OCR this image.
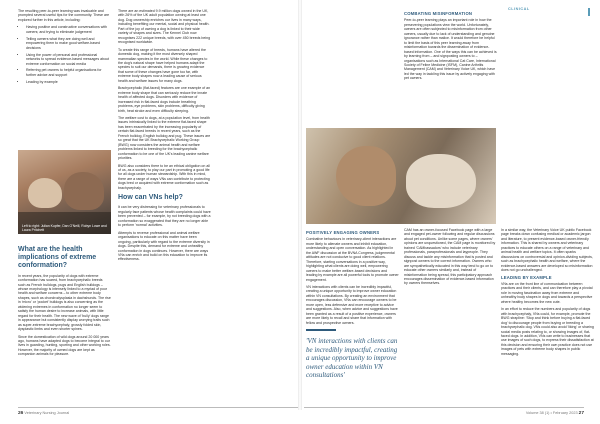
CLINICAL

The resulting peer-to-peer learning was invaluable and prompted several useful tips for the community. These are explored further in this article, including:

• Having positive and constructive conversations with owners; and trying to eliminate judgement
• Telling owners what they are doing well and empowering them to make good welfare-based decisions
• Using the power of personal and professional networks to spread evidence-based messages about extreme conformation on social media
• Referring pet owners to helpful organisations for further advice and support
• Leading by example
Left to right: Julian Kupfer, Dan O'Neill, Robyn Lowe and Laura Pritchett
What are the health implications of extreme conformation?

In recent years, the popularity of dogs with extreme conformation has soared, from brachycephalic breeds such as French bulldogs, pugs and English bulldogs – whose morphology is intensely linked to a myriad of poor health and welfare concerns – to other extreme body shapes, such as chondrodysplasia in dachshunds. The rise in 'micro' or 'pocket' bulldogs is also concerning as the widening extremes in conformation no longer seem to satisfy the human desire to increase animals, with little regard for their health. The new wave of 'bully' dogs range in appearance but consistently display worrying traits such as super-extreme brachycephaly, grossly folded skin, dysplastic limbs and even shorter spines.

Since the domestication of wild dogs around 20 000 years ago, humans have adapted dogs to become integral to our lives in guarding, hunting, sporting and other working roles. However, the majority of owned dogs are kept as companion animals for pleasure.

There are an estimated 9.9 million dogs owned in the UK, with 26% of the UK adult population owning at least one dog. Dog ownership enriches our lives in many ways, including benefiting our mental, social and physical health. Part of the joy of owning a dog is linked to their wide variety of shapes and sizes. The Kennel Club now recognises 222 unique breeds, with over 450 breeds being recognised worldwide.

To create this range of breeds, humans have altered the domestic dog, making it the most diversely shaped mammalian species in the world. While these changes to the dog's natural shape have helped humans adapt the species to suit our demands, there is growing evidence that some of these changes have gone too far, with extreme body shapes now a leading cause of serious health and welfare issues for many dogs.

Brachycephalic (flat-faced) features are one example of an extreme body shape that can seriously reduce the innate health of affected dogs. Disorders with evidence of increased risk in flat-faced dogs include breathing problems, eye problems, skin problems, difficulty giving birth, heat stroke and even difficulty sleeping.

The welfare cost to dogs, at a population level, from health issues intrinsically linked to the extreme flat-faced shape has been exacerbated by the increasing popularity of certain flat-faced breeds in recent years, such as the French bulldog, English bulldog and pug. These issues are so great that the UK Brachycephalic Working Group (BWG) now considers the animal health and welfare problems linked to breeding for the brachycephalic conformation to be one of the UK's leading canine welfare priorities.

BWG also considers there to be an ethical obligation on all of us, as a society, to play our part in promoting a good life for all dogs under human stewardship. With this in mind, there are a range of ways VNs can contribute to protecting dogs bred or acquired with extreme conformation such as brachycephaly.

How can VNs help?

It can be very distressing for veterinary professionals to regularly face patients whose health complaints could have been prevented – for example, by not breeding dogs with a conformation so exaggerated that they are no longer able to perform 'normal' activities.

Attempts to reverse professional and animal welfare organisations to educate on this matter have been ongoing, particularly with regard to the extreme diversity in dogs. Despite this, demand for extreme and unhealthy conformation in dogs continues. However, there are ways VNs can enrich and build on this education to improve its effectiveness.

POSITIVELY ENGAGING OWNERS

Combative behaviours in veterinary-client interactions are more likely to alienate owners and inhibit education, understanding and open conversation. As highlighted in the AWF discussion at the BVNA Congress, judgemental attitudes are not conducive to good client relations. Therefore, starting conversations in a positive way, highlighting what clients are doing well, empowering owners to make better welfare-based decisions and leading by example are all powerful tools to promote owner engagement.

VN interactions with clients can be incredibly impactful, creating a unique opportunity to improve owner education within VN consultations. By creating an environment that encourages discussion, VNs can encourage owners to be more open, less defensive and more receptive to advice and suggestions. Also, when advice and suggestions have been granted as a result of a positive experience, owners are more likely to recall and share that information with fellow and prospective owners.

'VN interactions with clients can be incredibly impactful, creating a unique opportunity to improve owner education within VN consultations'
COMBATING MISINFORMATION

Peer-to-peer learning plays an important role in how the persevering populations view the world. Unfortunately, owners are often subjected to misinformation from other owners, usually due to lack of understanding and genuine ignorance rather than malice. It would therefore be helpful to limit the basis of this peer learning away from misinformation towards the dissemination of evidence-based information. One of the ways this can be achieved is by learning from – and signposting owners to – organisations such as International Cat Care, International Society of Feline Medicine (ISFM), Canine Arthritis Management (CAM) and Veterinary Voice UK, which have led the way in tackling this issue by actively engaging with pet owners.

CAM has an owner-focused Facebook page with a large and engaged pet-owner following and regular discussions about pet conditions. Unlike some pages, where owners' opinions are unquestioned, the CAM page is monitored by trained 'CAMbassadors' who include veterinary professionals, paraprofessionals and laypeople. They discuss and tackle any misinformation that is posted and signpost owners to the correct information. Owners who are sympathetically educated in this way tend to go on to educate other owners similarly and, instead of misinformation being spread, this participatory approach encourages dissemination of evidence-based information by owners themselves.

In a similar way, the Veterinary Voice UK public Facebook page breaks down confusing medical or academic jargon and literature, to present evidence-based owner-friendly information. This is shared by owners and veterinary practices to educate others on a range of veterinary and animal health and welfare topics. It often sparks discussions on controversial and opinion-dividing subjects, such as brachycephalic health and welfare, where the evidence-based answers are developed so misinformation does not go unchallenged.

LEADING BY EXAMPLE

VNs are on the front line of communication between practices and their clients, and can therefore play a pivotal role in moving fascination away from extreme and unhealthy body shapes in dogs and towards a perspective where healthy becomes the new cute.

In an effort to reduce the numbers and popularity of dogs with brachycephaly, VNs could, for example, promote the BWG strapline: 'Stop and think before buying a flat-faced dog' to discourage people from buying or breeding a brachycephalic dog. VNs could also avoid 'liking' or sharing social media posts relating to, or showing images of, flat-faced dogs. In addition, VNs can write to businesses that use images of such dogs, to express their dissatisfaction at this decision and ensuring their own practice does not use images of pets with extreme body shapes in public messaging.

26 Veterinary Nursing Journal	Volume 38 (1) • February 2023 27
